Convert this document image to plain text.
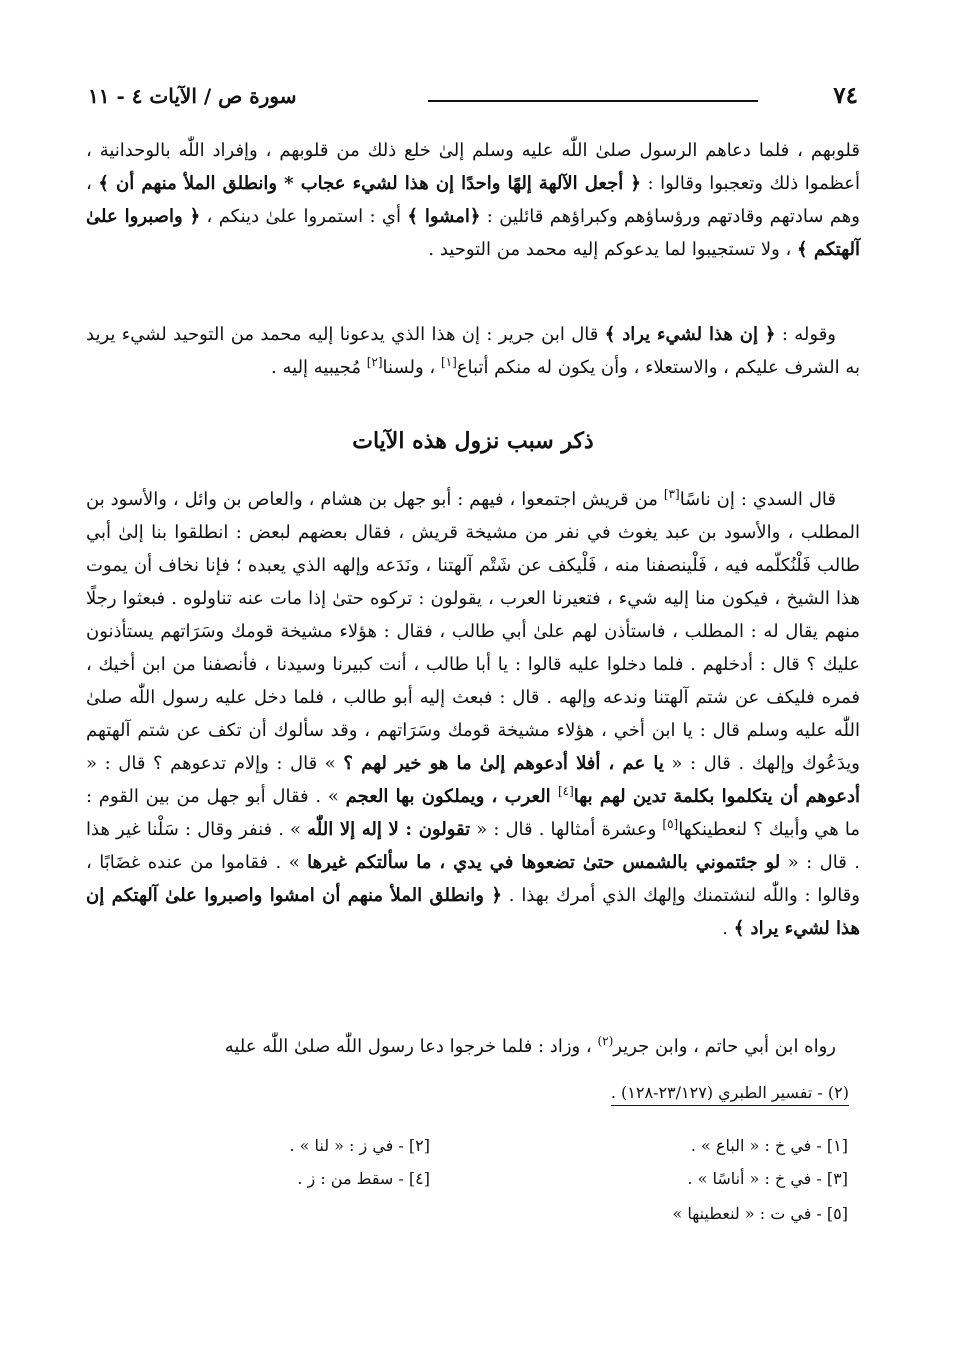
٧٤
سورة ص / الآيات ٤ - ١١
قلوبهم ، فلما دعاهم الرسول صلىٰ اللّٰه عليه وسلم إلىٰ خلع ذلك من قلوبهم ، وإفراد اللّٰه بالوحدانية ، أعظموا ذلك وتعجبوا وقالوا : ﴿ أجعل الآلهة إلهًا واحدًا إن هذا لشيء عجاب * وانطلق الملأ منهم أن ﴾ ، وهم سادتهم وقادتهم ورؤساؤهم وكبراؤهم قائلين : ﴿امشوا ﴾ أي : استمروا علىٰ دينكم ، ﴿ واصبروا علىٰ آلهتكم ﴾ ، ولا تستجيبوا لما يدعوكم إليه محمد من التوحيد .
وقوله : ﴿ إن هذا لشيء يراد ﴾ قال ابن جرير : إن هذا الذي يدعونا إليه محمد من التوحيد لشيء يريد به الشرف عليكم ، والاستعلاء ، وأن يكون له منكم أتباع[١] ، ولسنا[٢] مُجيبيه إليه .
ذكر سبب نزول هذه الآيات
قال السدي : إن ناسًا[٣] من قريش اجتمعوا ، فيهم : أبو جهل بن هشام ، والعاص بن وائل ، والأسود بن المطلب ، والأسود بن عبد يغوث في نفر من مشيخة قريش ، فقال بعضهم لبعض : انطلقوا بنا إلىٰ أبي طالب فَلْنُكلّمه فيه ، فَلْينصفنا منه ، فَلْيكف عن شَتْم آلهتنا ، ونَدَعه وإلهه الذي يعبده ؛ فإنا نخاف أن يموت هذا الشيخ ، فيكون منا إليه شيء ، فتعيرنا العرب ، يقولون : تركوه حتىٰ إذا مات عنه تناولوه . فبعثوا رجلًا منهم يقال له : المطلب ، فاستأذن لهم علىٰ أبي طالب ، فقال : هؤلاء مشيخة قومك وسَرَاتهم يستأذنون عليك ؟ قال : أدخلهم . فلما دخلوا عليه قالوا : يا أبا طالب ، أنت كبيرنا وسيدنا ، فأنصفنا من ابن أخيك ، فمره فليكف عن شتم آلهتنا وندعه وإلهه . قال : فبعث إليه أبو طالب ، فلما دخل عليه رسول اللّٰه صلىٰ اللّٰه عليه وسلم قال : يا ابن أخي ، هؤلاء مشيخة قومك وسَرَاتهم ، وقد سألوك أن تكف عن شتم آلهتهم ويدَعُوك وإلهك . قال : « يا عم ، أفلا أدعوهم إلىٰ ما هو خير لهم ؟ » قال : وإلام تدعوهم ؟ قال : « أدعوهم أن يتكلموا بكلمة تدين لهم بها[٤] العرب ، ويملكون بها العجم » . فقال أبو جهل من بين القوم : ما هي وأبيك ؟ لنعطينكها[٥] وعشرة أمثالها . قال : « تقولون : لا إله إلا اللّٰه » . فنفر وقال : سَلْنا غير هذا . قال : « لو جئتموني بالشمس حتىٰ تضعوها في يدي ، ما سألتكم غيرها » . فقاموا من عنده غضَابًا ، وقالوا : واللّٰه لنشتمنك وإلهك الذي أمرك بهذا . ﴿ وانطلق الملأ منهم أن امشوا واصبروا علىٰ آلهتكم إن هذا لشيء يراد ﴾ .
رواه ابن أبي حاتم ، وابن جرير$^{(٢)}$ ، وزاد : فلما خرجوا دعا رسول اللّٰه صلىٰ اللّٰه عليه
(٢) - تفسير الطبري (٢٣/١٢٧-١٢٨) .
[١] - في خ : « الباع » .
[٢] - في ز : « لنا » .
[٣] - في خ : « أناسًا » .
[٤] - سقط من : ز .
[٥] - في ت : « لنعطينها »
